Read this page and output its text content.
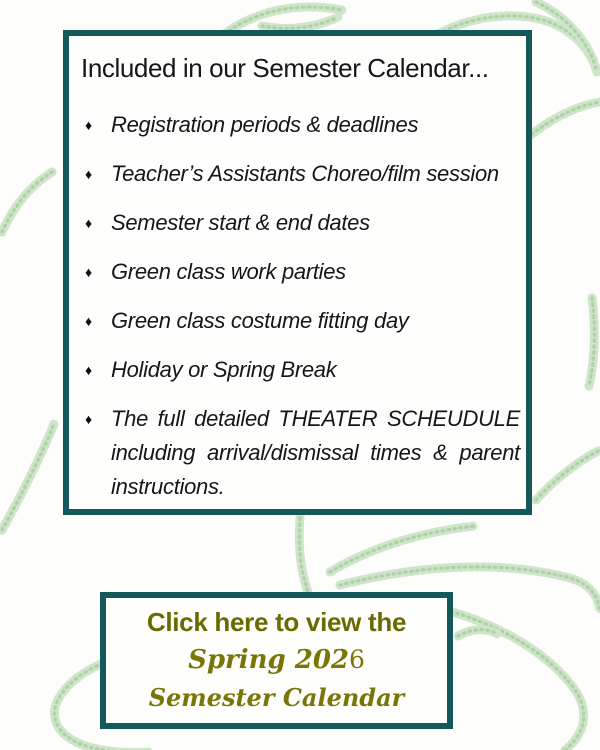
Included in our Semester Calendar...
♦ Registration periods & deadlines
♦ Teacher’s Assistants Choreo/film session
♦ Semester start & end dates
♦ Green class work parties
♦ Green class costume fitting day
♦ Holiday or Spring Break
♦ The full detailed THEATER SCHEUDULE including arrival/dismissal times & parent instructions.
Click here to view the
Spring 2026
Semester Calendar
